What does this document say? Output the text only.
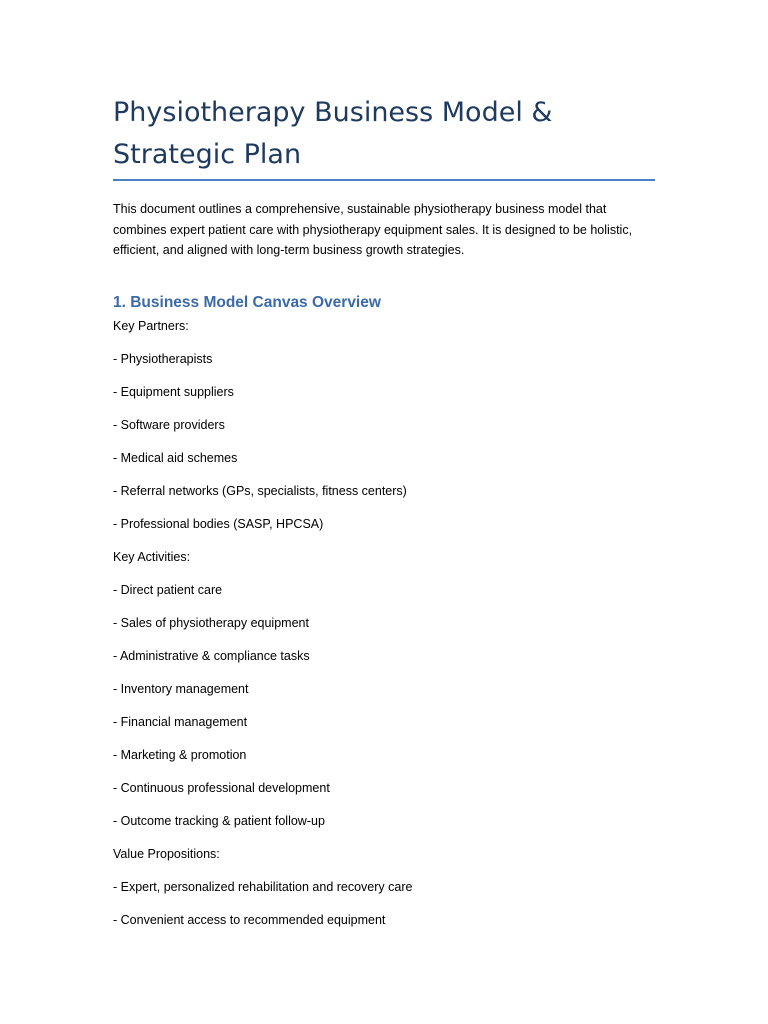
Physiotherapy Business Model & Strategic Plan

This document outlines a comprehensive, sustainable physiotherapy business model that combines expert patient care with physiotherapy equipment sales. It is designed to be holistic, efficient, and aligned with long-term business growth strategies.

1. Business Model Canvas Overview
Key Partners:
- Physiotherapists
- Equipment suppliers
- Software providers
- Medical aid schemes
- Referral networks (GPs, specialists, fitness centers)
- Professional bodies (SASP, HPCSA)
Key Activities:
- Direct patient care
- Sales of physiotherapy equipment
- Administrative & compliance tasks
- Inventory management
- Financial management
- Marketing & promotion
- Continuous professional development
- Outcome tracking & patient follow-up
Value Propositions:
- Expert, personalized rehabilitation and recovery care
- Convenient access to recommended equipment
